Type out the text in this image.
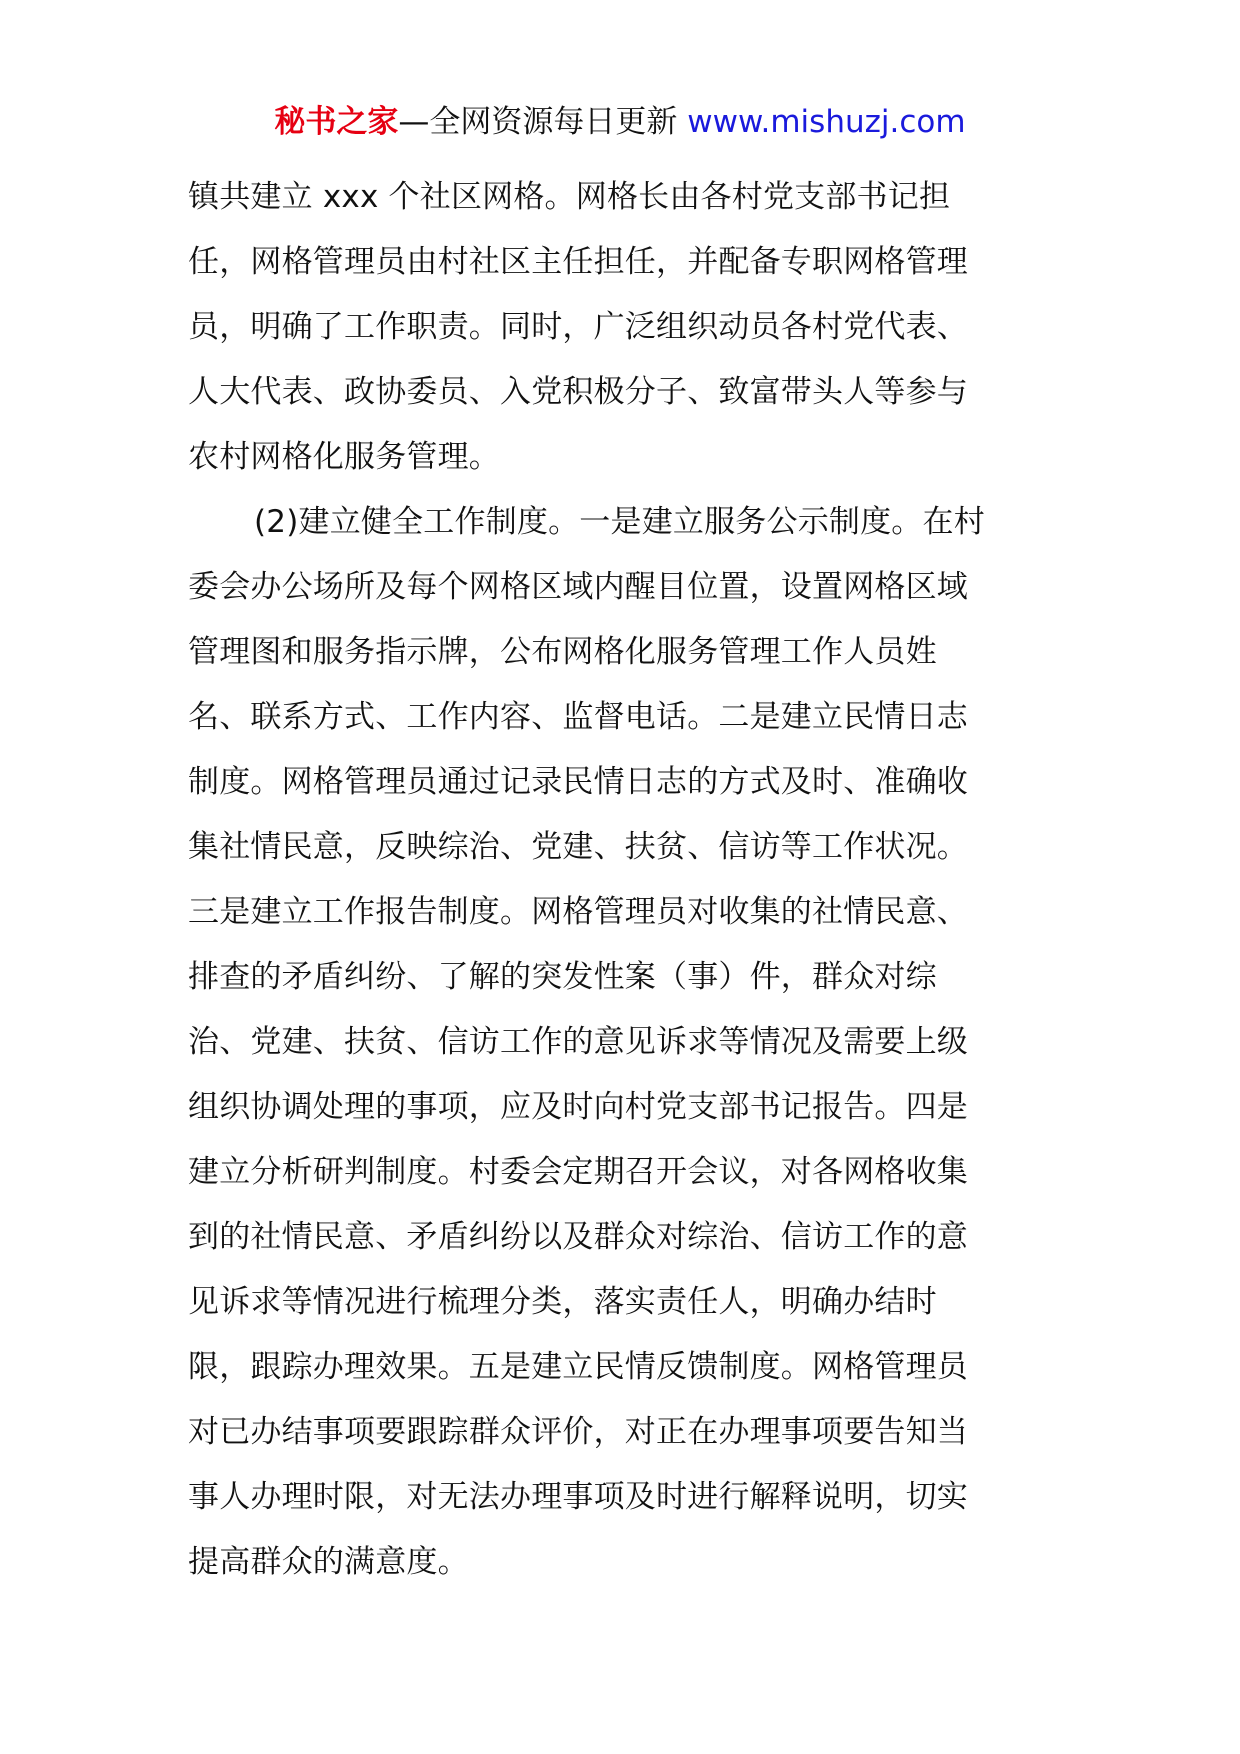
秘书之家—全网资源每日更新 www.mishuzj.com
镇共建立 xxx 个社区网格。网格长由各村党支部书记担
任，网格管理员由村社区主任担任，并配备专职网格管理
员，明确了工作职责。同时，广泛组织动员各村党代表、
人大代表、政协委员、入党积极分子、致富带头人等参与
农村网格化服务管理。
(2)建立健全工作制度。一是建立服务公示制度。在村
委会办公场所及每个网格区域内醒目位置，设置网格区域
管理图和服务指示牌，公布网格化服务管理工作人员姓
名、联系方式、工作内容、监督电话。二是建立民情日志
制度。网格管理员通过记录民情日志的方式及时、准确收
集社情民意，反映综治、党建、扶贫、信访等工作状况。
三是建立工作报告制度。网格管理员对收集的社情民意、
排查的矛盾纠纷、了解的突发性案（事）件，群众对综
治、党建、扶贫、信访工作的意见诉求等情况及需要上级
组织协调处理的事项，应及时向村党支部书记报告。四是
建立分析研判制度。村委会定期召开会议，对各网格收集
到的社情民意、矛盾纠纷以及群众对综治、信访工作的意
见诉求等情况进行梳理分类，落实责任人，明确办结时
限，跟踪办理效果。五是建立民情反馈制度。网格管理员
对已办结事项要跟踪群众评价，对正在办理事项要告知当
事人办理时限，对无法办理事项及时进行解释说明，切实
提高群众的满意度。
